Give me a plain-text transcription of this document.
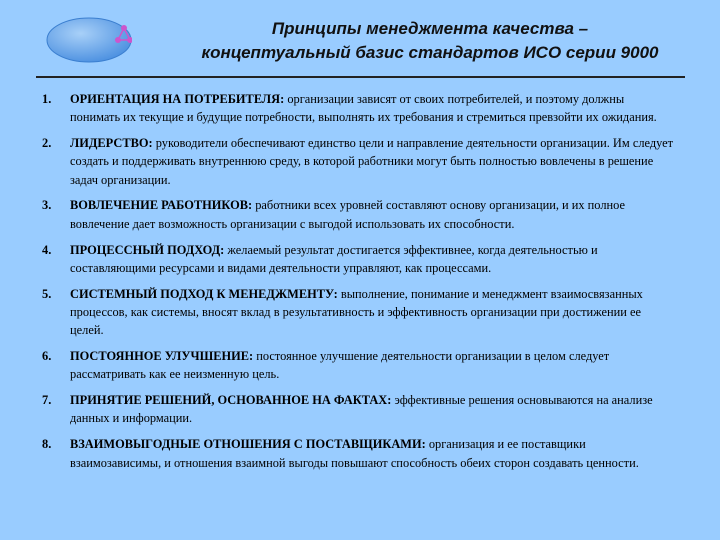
Принципы менеджмента качества –
концептуальный базис стандартов ИСО серии 9000
1. ОРИЕНТАЦИЯ НА ПОТРЕБИТЕЛЯ: организации зависят от своих потребителей, и поэтому должны понимать их текущие и будущие потребности, выполнять их требования и стремиться превзойти их ожидания.
2. ЛИДЕРСТВО: руководители обеспечивают единство цели и направление деятельности организации. Им следует создать и поддерживать внутреннюю среду, в которой работники могут быть полностью вовлечены в решение задач организации.
3. ВОВЛЕЧЕНИЕ РАБОТНИКОВ: работники всех уровней составляют основу организации, и их полное вовлечение дает возможность организации с выгодой использовать их способности.
4. ПРОЦЕССНЫЙ ПОДХОД: желаемый результат достигается эффективнее, когда деятельностью и составляющими ресурсами и видами деятельности управляют, как процессами.
5. СИСТЕМНЫЙ ПОДХОД К МЕНЕДЖМЕНТУ: выполнение, понимание и менеджмент взаимосвязанных процессов, как системы, вносят вклад в результативность и эффективность организации при достижении ее целей.
6. ПОСТОЯННОЕ УЛУЧШЕНИЕ: постоянное улучшение деятельности организации в целом следует рассматривать как ее неизменную цель.
7. ПРИНЯТИЕ РЕШЕНИЙ, ОСНОВАННОЕ НА ФАКТАХ: эффективные решения основываются на анализе данных и информации.
8. ВЗАИМОВЫГОДНЫЕ ОТНОШЕНИЯ С ПОСТАВЩИКАМИ: организация и ее поставщики взаимозависимы, и отношения взаимной выгоды повышают способность обеих сторон создавать ценности.
